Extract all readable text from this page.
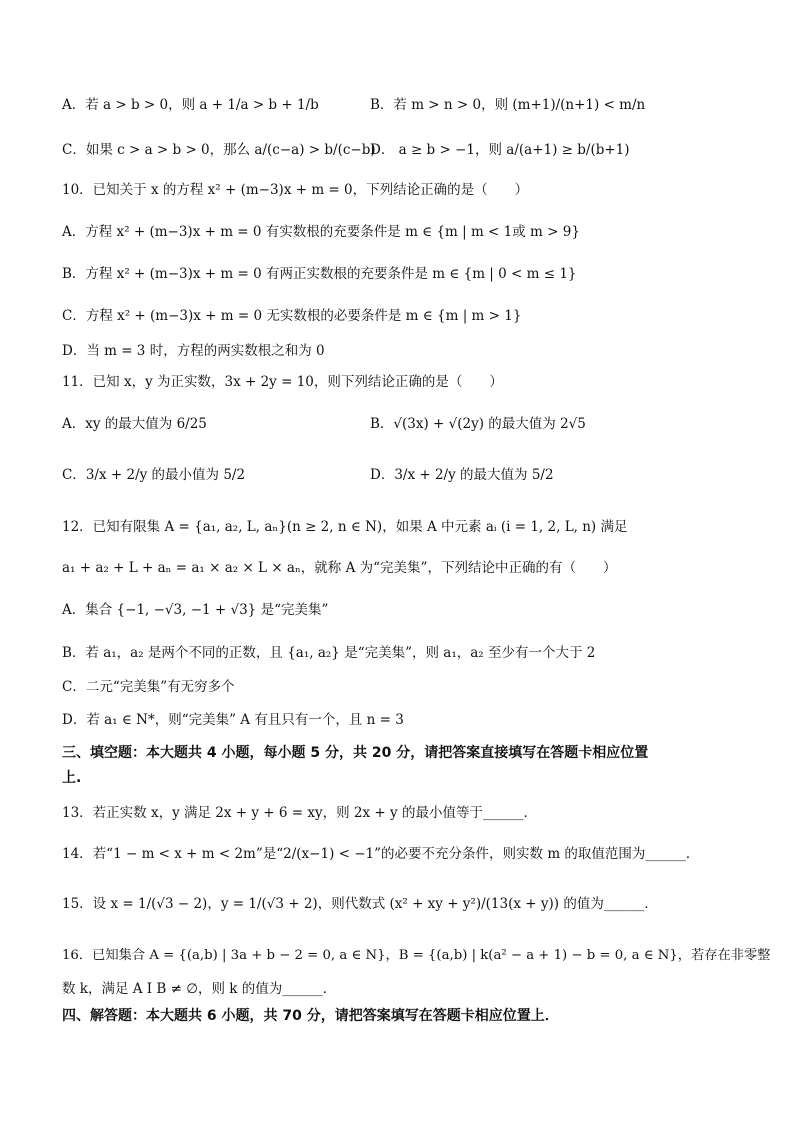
A．若 a > b > 0，则 a + 1/a > b + 1/b	B．若 m > n > 0，则 (m+1)/(n+1) < m/n
C．如果 c > a > b > 0，那么 a/(c−a) > b/(c−b)
D． a ≥ b > −1，则 a/(a+1) ≥ b/(b+1)
10．已知关于 x 的方程 x² + (m−3)x + m = 0，下列结论正确的是（　　）
A．方程 x² + (m−3)x + m = 0 有实数根的充要条件是 m ∈ {m | m < 1或 m > 9}
B．方程 x² + (m−3)x + m = 0 有两正实数根的充要条件是 m ∈ {m | 0 < m ≤ 1}
C．方程 x² + (m−3)x + m = 0 无实数根的必要条件是 m ∈ {m | m > 1}
D．当 m = 3 时，方程的两实数根之和为 0
11．已知 x，y 为正实数，3x + 2y = 10，则下列结论正确的是（　　）
A．xy 的最大值为 6/25	B．√(3x) + √(2y) 的最大值为 2√5
C．3/x + 2/y 的最小值为 5/2	D．3/x + 2/y 的最大值为 5/2
12．已知有限集 A = {a₁, a₂, L, aₙ}(n ≥ 2, n ∈ N)，如果 A 中元素 aᵢ (i = 1, 2, L, n) 满足
a₁ + a₂ + L + aₙ = a₁ × a₂ × L × aₙ，就称 A 为“完美集”，下列结论中正确的有（　　）
A．集合 {−1, −√3, −1 + √3} 是“完美集”
B．若 a₁，a₂ 是两个不同的正数，且 {a₁, a₂} 是“完美集”，则 a₁，a₂ 至少有一个大于 2
C．二元“完美集”有无穷多个
D．若 a₁ ∈ N*，则“完美集” A 有且只有一个，且 n = 3
三、填空题：本大题共 4 小题，每小题 5 分，共 20 分，请把答案直接填写在答题卡相应位置
上.
13．若正实数 x，y 满足 2x + y + 6 = xy，则 2x + y 的最小值等于______．
14．若“1 − m < x + m < 2m”是“2/(x−1) < −1”的必要不充分条件，则实数 m 的取值范围为______．
15．设 x = 1/(√3 − 2)，y = 1/(√3 + 2)，则代数式 (x² + xy + y²)/(13(x + y)) 的值为______．
16．已知集合 A = {(a,b) | 3a + b − 2 = 0, a ∈ N}，B = {(a,b) | k(a² − a + 1) − b = 0, a ∈ N}，若存在非零整
数 k，满足 A I B ≠ ∅，则 k 的值为______．
四、解答题：本大题共 6 小题，共 70 分，请把答案填写在答题卡相应位置上．
